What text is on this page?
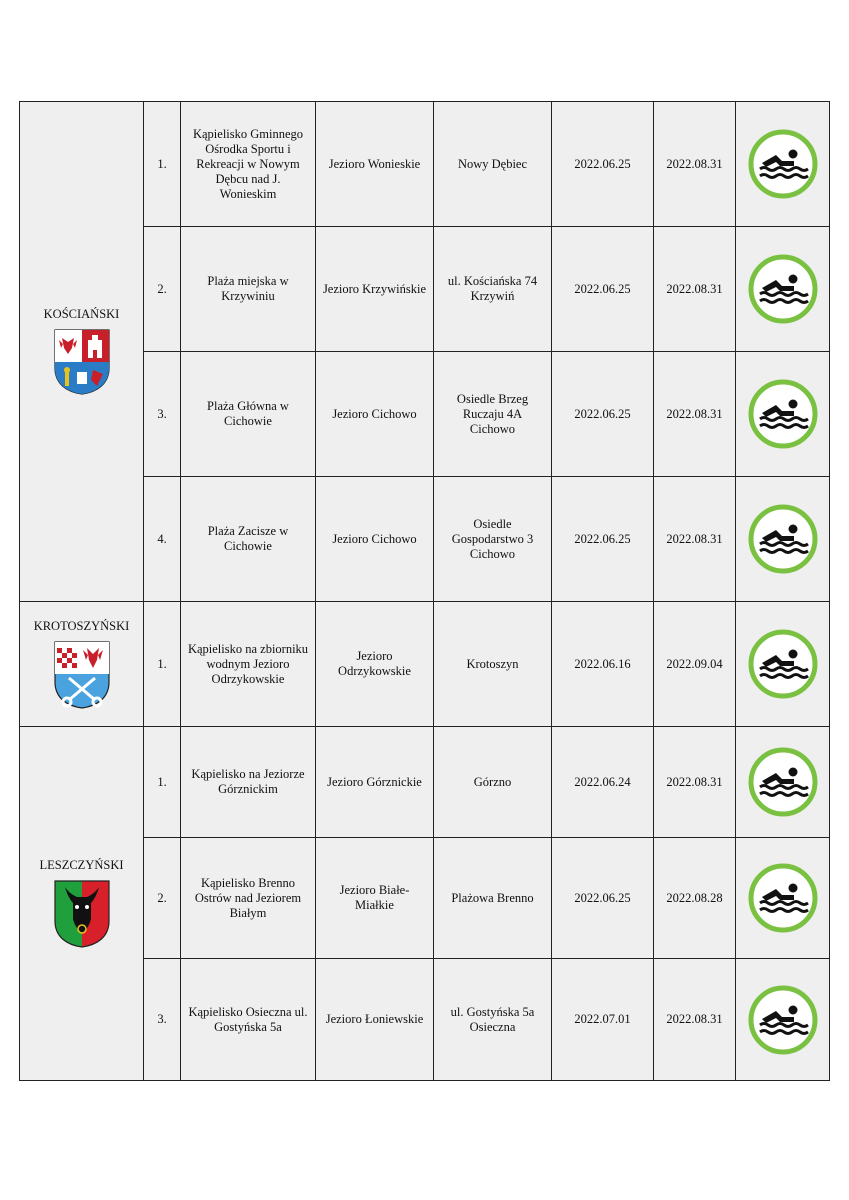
KOŚCIAŃSKI	1.	Kąpielisko Gminnego Ośrodka Sportu i Rekreacji w Nowym Dębcu nad J. Wonieskim	Jezioro Wonieskie	Nowy Dębiec	2022.06.25	2022.08.31	

	2.	Plaża miejska w Krzywiniu	Jezioro Krzywińskie	ul. Kościańska 74 Krzywiń	2022.06.25	2022.08.31	

	3.	Plaża Główna w Cichowie	Jezioro Cichowo	Osiedle Brzeg Ruczaju 4A Cichowo	2022.06.25	2022.08.31	

	4.	Plaża Zacisze w Cichowie	Jezioro Cichowo	Osiedle Gospodarstwo 3 Cichowo	2022.06.25	2022.08.31	

KROTOSZYŃSKI	1.	Kąpielisko na zbiorniku wodnym Jezioro Odrzykowskie	Jezioro Odrzykowskie	Krotoszyn	2022.06.16	2022.09.04	

LESZCZYŃSKI	1.	Kąpielisko na Jeziorze Górznickim	Jezioro Górznickie	Górzno	2022.06.24	2022.08.31	

	2.	Kąpielisko Brenno Ostrów nad Jeziorem Białym	Jezioro Białe-Miałkie	Plażowa Brenno	2022.06.25	2022.08.28	

	3.	Kąpielisko Osieczna ul. Gostyńska 5a	Jezioro Łoniewskie	ul. Gostyńska 5a Osieczna	2022.07.01	2022.08.31	
